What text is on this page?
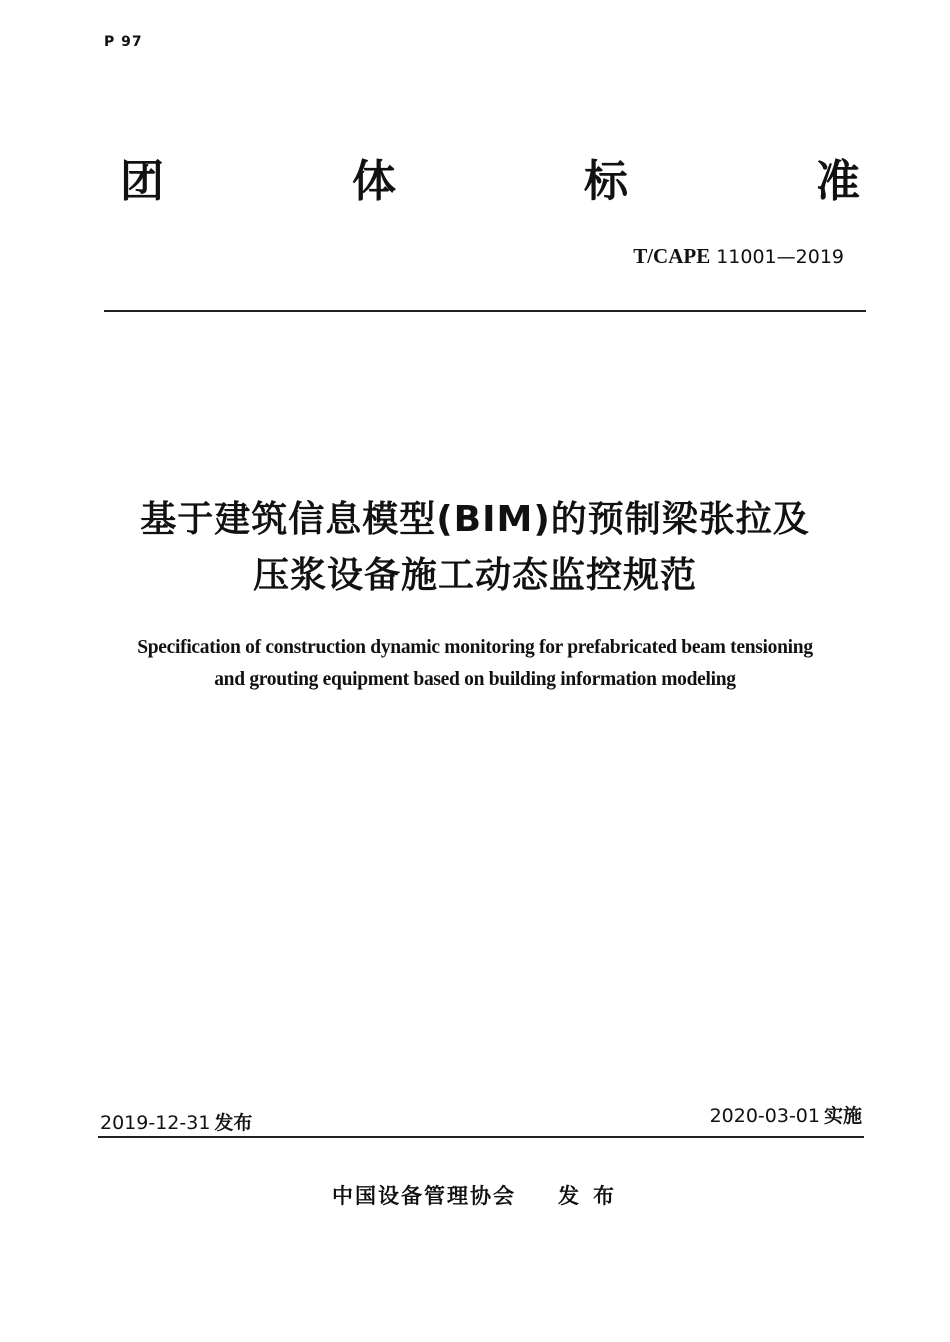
P 97
团	体	标	准
T/CAPE 11001—2019
基于建筑信息模型(BIM)的预制梁张拉及
压浆设备施工动态监控规范
Specification of construction dynamic monitoring for prefabricated beam tensioning
and grouting equipment based on building information modeling
2019-12-31 发布	2020-03-01 实施
中国设备管理协会 发布
